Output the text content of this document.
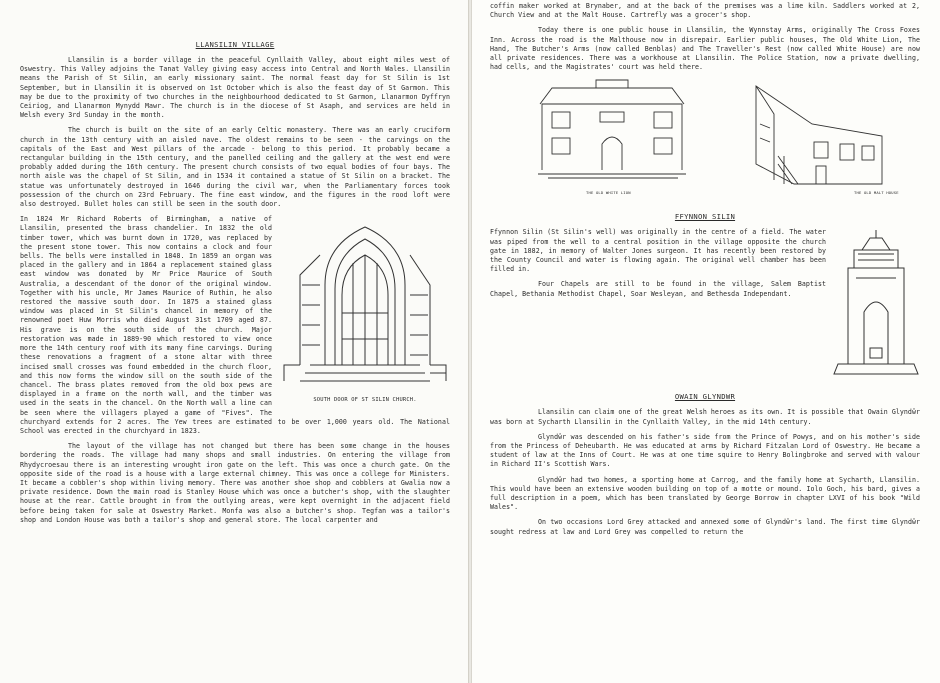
LLANSILIN VILLAGE

Llansilin is a border village in the peaceful Cynllaith Valley, about eight miles west of Oswestry. This Valley adjoins the Tanat Valley giving easy access into Central and North Wales. Llansilin means the Parish of St Silin, an early missionary saint. The normal feast day for St Silin is 1st September, but in Llansilin it is observed on 1st October which is also the feast day of St Garmon. This may be due to the proximity of two churches in the neighbourhood dedicated to St Garmon, Llanarmon Dyffryn Ceiriog, and Llanarmon Mynydd Mawr. The church is in the diocese of St Asaph, and services are held in Welsh every 3rd Sunday in the month.

The church is built on the site of an early Celtic monastery. There was an early cruciform church in the 13th century with an aisled nave. The oldest remains to be seen - the carvings on the capitals of the East and West pillars of the arcade - belong to this period. It probably became a rectangular building in the 15th century, and the panelled ceiling and the gallery at the west end were probably added during the 16th century. The present church consists of two equal bodies of four bays. The north aisle was the chapel of St Silin, and in 1534 it contained a statue of St Silin on a bracket. The statue was unfortunately destroyed in 1646 during the civil war, when the Parliamentary forces took possession of the church on 23rd February. The fine east window, and the figures in the rood loft were also destroyed. Bullet holes can still be seen in the south door.

SOUTH DOOR OF ST SILIN CHURCH.

In 1824 Mr Richard Roberts of Birmingham, a native of Llansilin, presented the brass chandelier. In 1832 the old timber tower, which was burnt down in 1720, was replaced by the present stone tower. This now contains a clock and four bells. The bells were installed in 1848. In 1859 an organ was placed in the gallery and in 1864 a replacement stained glass east window was donated by Mr Price Maurice of South Australia, a descendant of the donor of the original window. Together with his uncle, Mr James Maurice of Ruthin, he also restored the massive south door. In 1875 a stained glass window was placed in St Silin's chancel in memory of the renowned poet Huw Morris who died August 31st 1709 aged 87. His grave is on the south side of the church. Major restoration was made in 1889-90 which restored to view once more the 14th century roof with its many fine carvings. During these renovations a fragment of a stone altar with three incised small crosses was found embedded in the church floor, and this now forms the window sill on the south side of the chancel. The brass plates removed from the old box pews are displayed in a frame on the north wall, and the timber was used in the seats in the chancel. On the North wall a line can be seen where the villagers played a game of "Fives". The churchyard extends for 2 acres. The Yew trees are estimated to be over 1,000 years old. The National School was erected in the churchyard in 1823.

The layout of the village has not changed but there has been some change in the houses bordering the roads. The village had many shops and small industries. On entering the village from Rhydycroesau there is an interesting wrought iron gate on the left. This was once a church gate. On the opposite side of the road is a house with a large external chimney. This was once a college for Ministers. It became a cobbler's shop within living memory. There was another shoe shop and cobblers at Gwalia now a private residence. Down the main road is Stanley House which was once a butcher's shop, with the slaughter house at the rear. Cattle brought in from the outlying areas, were kept overnight in the adjacent field before being taken for sale at Oswestry Market. Monfa was also a butcher's shop. Tegfan was a tailor's shop and London House was both a tailor's shop and general store. The local carpenter and

coffin maker worked at Brynaber, and at the back of the premises was a lime kiln. Saddlers worked at 2, Church View and at the Malt House. Cartrefly was a grocer's shop.

Today there is one public house in Llansilin, the Wynnstay Arms, originally The Cross Foxes Inn. Across the road is the Malthouse now in disrepair. Earlier public houses, The Old White Lion, The Hand, The Butcher's Arms (now called Benblas) and The Traveller's Rest (now called White House) are now all private residences. There was a workhouse at Llansilin. The Police Station, now a private dwelling, had cells, and the Magistrates' court was held there.

THE OLD WHITE LION	THE OLD MALT HOUSE
FFYNNON SILIN

Ffynnon Silin (St Silin's well) was originally in the centre of a field. The water was piped from the well to a central position in the village opposite the church gate in 1882, in memory of Walter Jones surgeon. It has recently been restored by the County Council and water is flowing again. The original well chamber has been filled in.

Four Chapels are still to be found in the village, Salem Baptist Chapel, Bethania Methodist Chapel, Soar Wesleyan, and Bethesda Independant.

OWAIN GLYNDWR

Llansilin can claim one of the great Welsh heroes as its own. It is possible that Owain Glyndŵr was born at Sycharth Llansilin in the Cynllaith Valley, in the mid 14th century.

Glyndŵr was descended on his father's side from the Prince of Powys, and on his mother's side from the Princess of Deheubarth. He was educated at arms by Richard Fitzalan Lord of Oswestry. He became a student of law at the Inns of Court. He was at one time squire to Henry Bolingbroke and served with valour in Richard II's Scottish Wars.

Glyndŵr had two homes, a sporting home at Carrog, and the family home at Sycharth, Llansilin. This would have been an extensive wooden building on top of a motte or mound. Iolo Goch, his bard, gives a full description in a poem, which has been translated by George Borrow in chapter LXVI of his book "Wild Wales".

On two occasions Lord Grey attacked and annexed some of Glyndŵr's land. The first time Glyndŵr sought redress at law and Lord Grey was compelled to return the
